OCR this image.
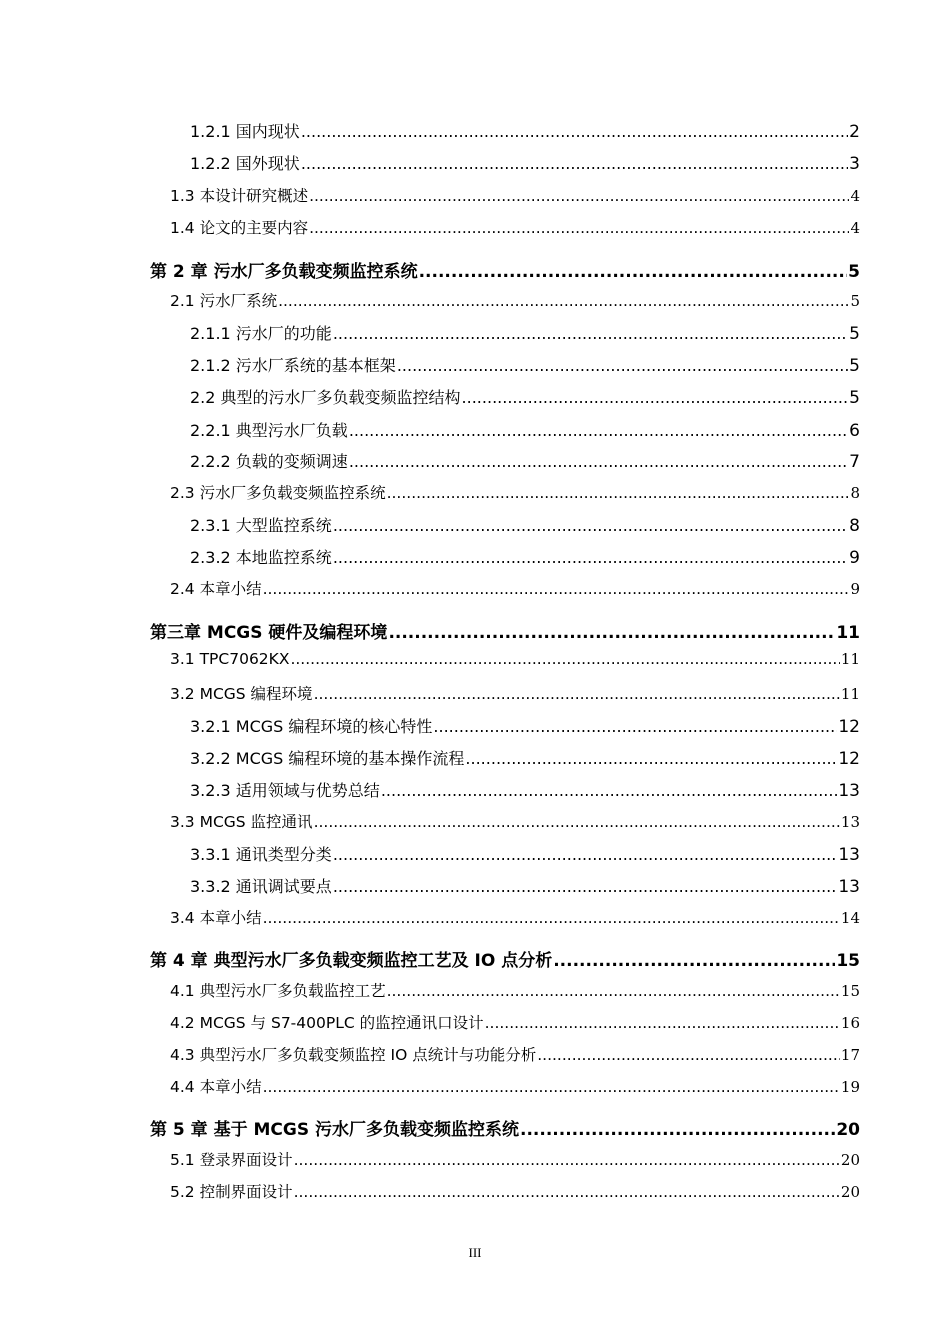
1.2.1 国内现状 .....	2
1.2.2 国外现状 .....	3
1.3 本设计研究概述 .....	4
1.4 论文的主要内容 .....	4
第 2 章 污水厂多负载变频监控系统 .....	5
2.1 污水厂系统 .....	5
2.1.1 污水厂的功能 .....	5
2.1.2 污水厂系统的基本框架 .....	5
2.2 典型的污水厂多负载变频监控结构 .....	5
2.2.1 典型污水厂负载 .....	6
2.2.2 负载的变频调速 .....	7
2.3 污水厂多负载变频监控系统 .....	8
2.3.1 大型监控系统 .....	8
2.3.2 本地监控系统 .....	9
2.4 本章小结 .....	9
第三章 MCGS 硬件及编程环境 .....	11
3.1 TPC7062KX .....	11
3.2 MCGS 编程环境 .....	11
3.2.1 MCGS 编程环境的核心特性 .....	12
3.2.2 MCGS 编程环境的基本操作流程 .....	12
3.2.3 适用领域与优势总结 .....	13
3.3 MCGS 监控通讯 .....	13
3.3.1 通讯类型分类 .....	13
3.3.2 通讯调试要点 .....	13
3.4 本章小结 .....	14
第 4 章 典型污水厂多负载变频监控工艺及 IO 点分析 .....	15
4.1 典型污水厂多负载监控工艺 .....	15
4.2 MCGS 与 S7-400PLC 的监控通讯口设计 .....	16
4.3 典型污水厂多负载变频监控 IO 点统计与功能分析 .....	17
4.4 本章小结 .....	19
第 5 章 基于 MCGS 污水厂多负载变频监控系统 .....	20
5.1 登录界面设计 .....	20
5.2 控制界面设计 .....	20
III
